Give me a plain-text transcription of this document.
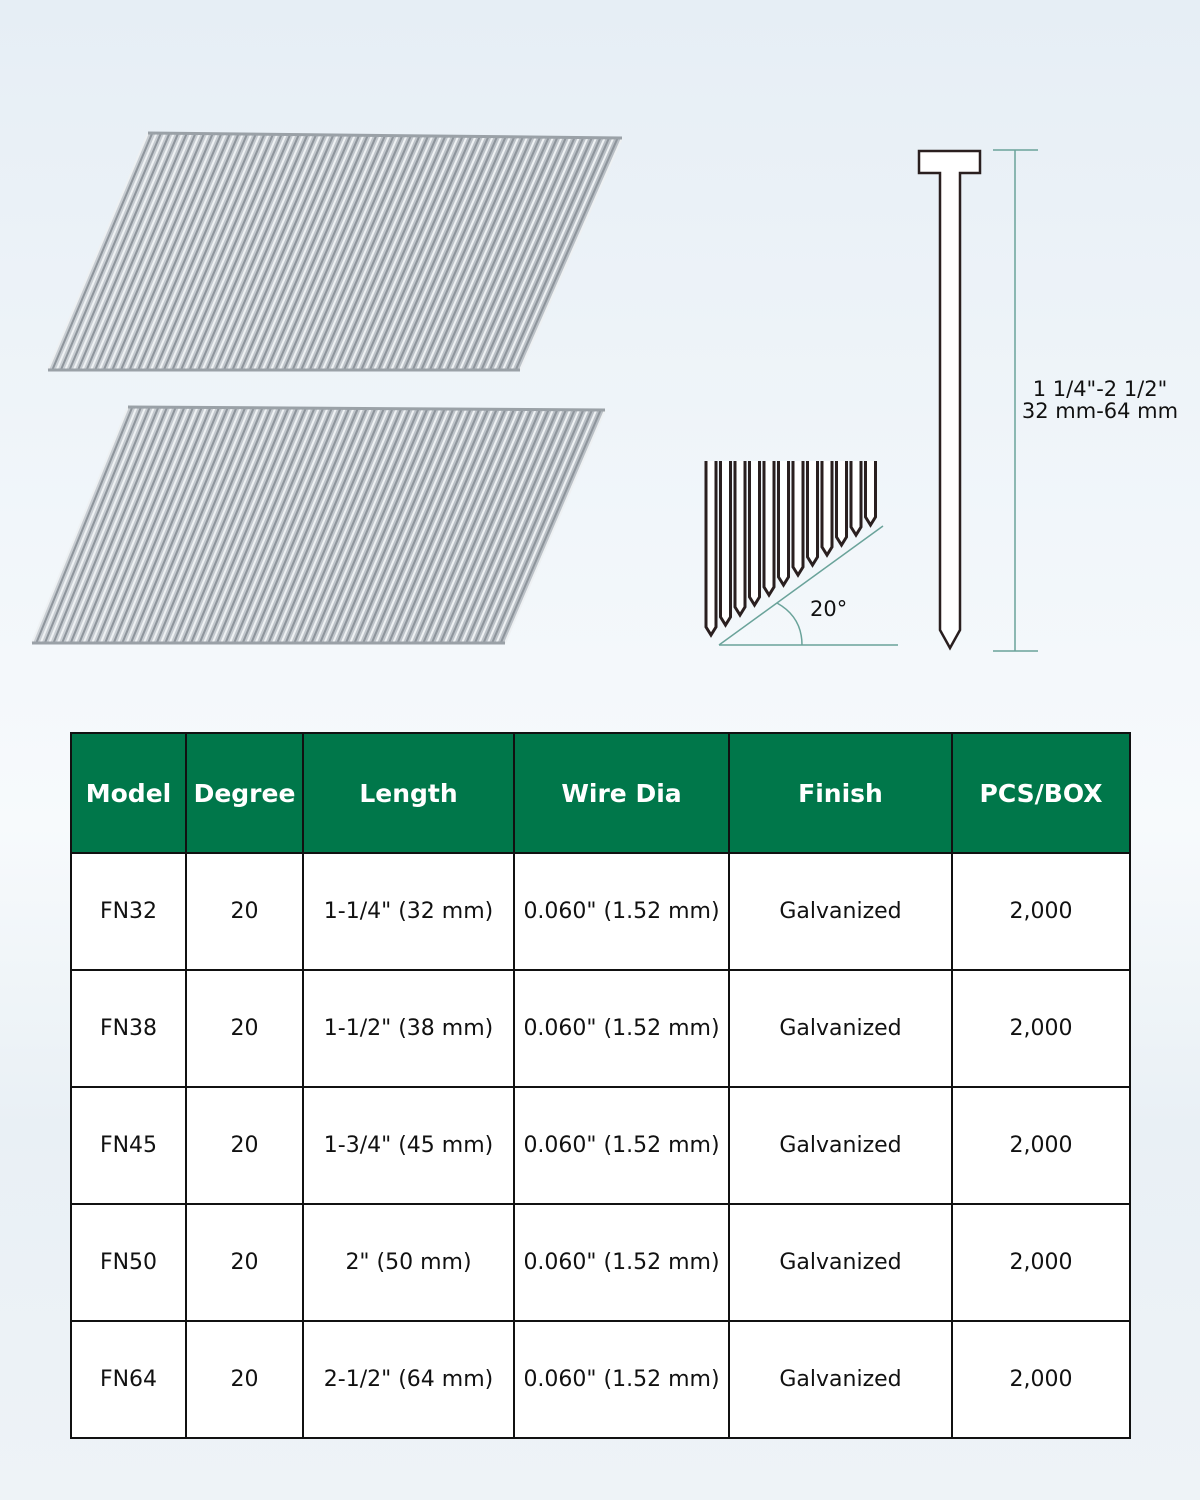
1 1/4"-2 1/2"
32 mm-64 mm
20°
Model	Degree	Length	Wire Dia	Finish	PCS/BOX
FN32	20	1-1/4" (32 mm)	0.060" (1.52 mm)	Galvanized	2,000
FN38	20	1-1/2" (38 mm)	0.060" (1.52 mm)	Galvanized	2,000
FN45	20	1-3/4" (45 mm)	0.060" (1.52 mm)	Galvanized	2,000
FN50	20	2" (50 mm)	0.060" (1.52 mm)	Galvanized	2,000
FN64	20	2-1/2" (64 mm)	0.060" (1.52 mm)	Galvanized	2,000
